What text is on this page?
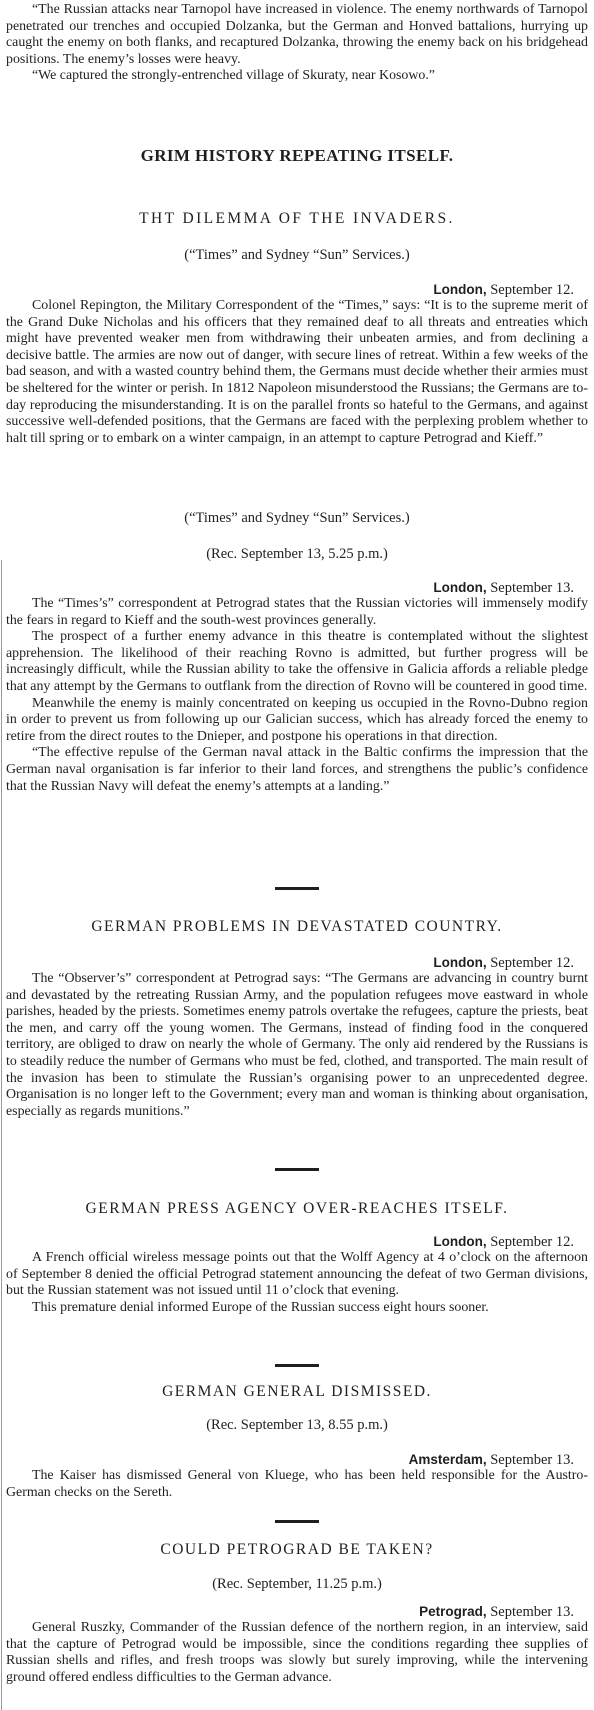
“The Russian attacks near Tarnopol have increased in violence. The enemy northwards of Tarnopol penetrated our trenches and occupied Dolzanka, but the German and Honved battalions, hurrying up caught the enemy on both flanks, and recaptured Dolzanka, throwing the enemy back on his bridgehead positions. The enemy’s losses were heavy.

“We captured the strongly-entrenched village of Skuraty, near Kosowo.”

GRIM HISTORY REPEATING ITSELF.
THT DILEMMA OF THE INVADERS.
(“Times” and Sydney “Sun” Services.)
London, September 12.

Colonel Repington, the Military Correspondent of the “Times,” says: “It is to the supreme merit of the Grand Duke Nicholas and his officers that they remained deaf to all threats and entreaties which might have prevented weaker men from withdrawing their unbeaten armies, and from declining a decisive battle. The armies are now out of danger, with secure lines of retreat. Within a few weeks of the bad season, and with a wasted country behind them, the Germans must decide whether their armies must be sheltered for the winter or perish. In 1812 Napoleon misunderstood the Russians; the Germans are to-day reproducing the misunderstanding. It is on the parallel fronts so hateful to the Germans, and against successive well-defended positions, that the Germans are faced with the perplexing problem whether to halt till spring or to embark on a winter campaign, in an attempt to capture Petrograd and Kieff.”

(“Times” and Sydney “Sun” Services.)
(Rec. September 13, 5.25 p.m.)
London, September 13.

The “Times’s” correspondent at Petrograd states that the Russian victories will immensely modify the fears in regard to Kieff and the south-west provinces generally.

The prospect of a further enemy advance in this theatre is contemplated without the slightest apprehension. The likelihood of their reaching Rovno is admitted, but further progress will be increasingly difficult, while the Russian ability to take the offensive in Galicia affords a reliable pledge that any attempt by the Germans to outflank from the direction of Rovno will be countered in good time.

Meanwhile the enemy is mainly concentrated on keeping us occupied in the Rovno-Dubno region in order to prevent us from following up our Galician success, which has already forced the enemy to retire from the direct routes to the Dnieper, and postpone his operations in that direction.

“The effective repulse of the German naval attack in the Baltic confirms the impression that the German naval organisation is far inferior to their land forces, and strengthens the public’s confidence that the Russian Navy will defeat the enemy’s attempts at a landing.”

GERMAN PROBLEMS IN DEVASTATED COUNTRY.
London, September 12.

The “Observer’s” correspondent at Petrograd says: “The Germans are advancing in country burnt and devastated by the retreating Russian Army, and the population refugees move eastward in whole parishes, headed by the priests. Sometimes enemy patrols overtake the refugees, capture the priests, beat the men, and carry off the young women. The Germans, instead of finding food in the conquered territory, are obliged to draw on nearly the whole of Germany. The only aid rendered by the Russians is to steadily reduce the number of Germans who must be fed, clothed, and transported. The main result of the invasion has been to stimulate the Russian’s organising power to an unprecedented degree. Organisation is no longer left to the Government; every man and woman is thinking about organisation, especially as regards munitions.”

GERMAN PRESS AGENCY OVER-REACHES ITSELF.
London, September 12.

A French official wireless message points out that the Wolff Agency at 4 o’clock on the afternoon of September 8 denied the official Petrograd statement announcing the defeat of two German divisions, but the Russian statement was not issued until 11 o’clock that evening.

This premature denial informed Europe of the Russian success eight hours sooner.

GERMAN GENERAL DISMISSED.
(Rec. September 13, 8.55 p.m.)
Amsterdam, September 13.

The Kaiser has dismissed General von Kluege, who has been held responsible for the Austro-German checks on the Sereth.

COULD PETROGRAD BE TAKEN?
(Rec. September, 11.25 p.m.)
Petrograd, September 13.

General Ruszky, Commander of the Russian defence of the northern region, in an interview, said that the capture of Petrograd would be impossible, since the conditions regarding thee supplies of Russian shells and rifles, and fresh troops was slowly but surely improving, while the intervening ground offered endless difficulties to the German advance.
